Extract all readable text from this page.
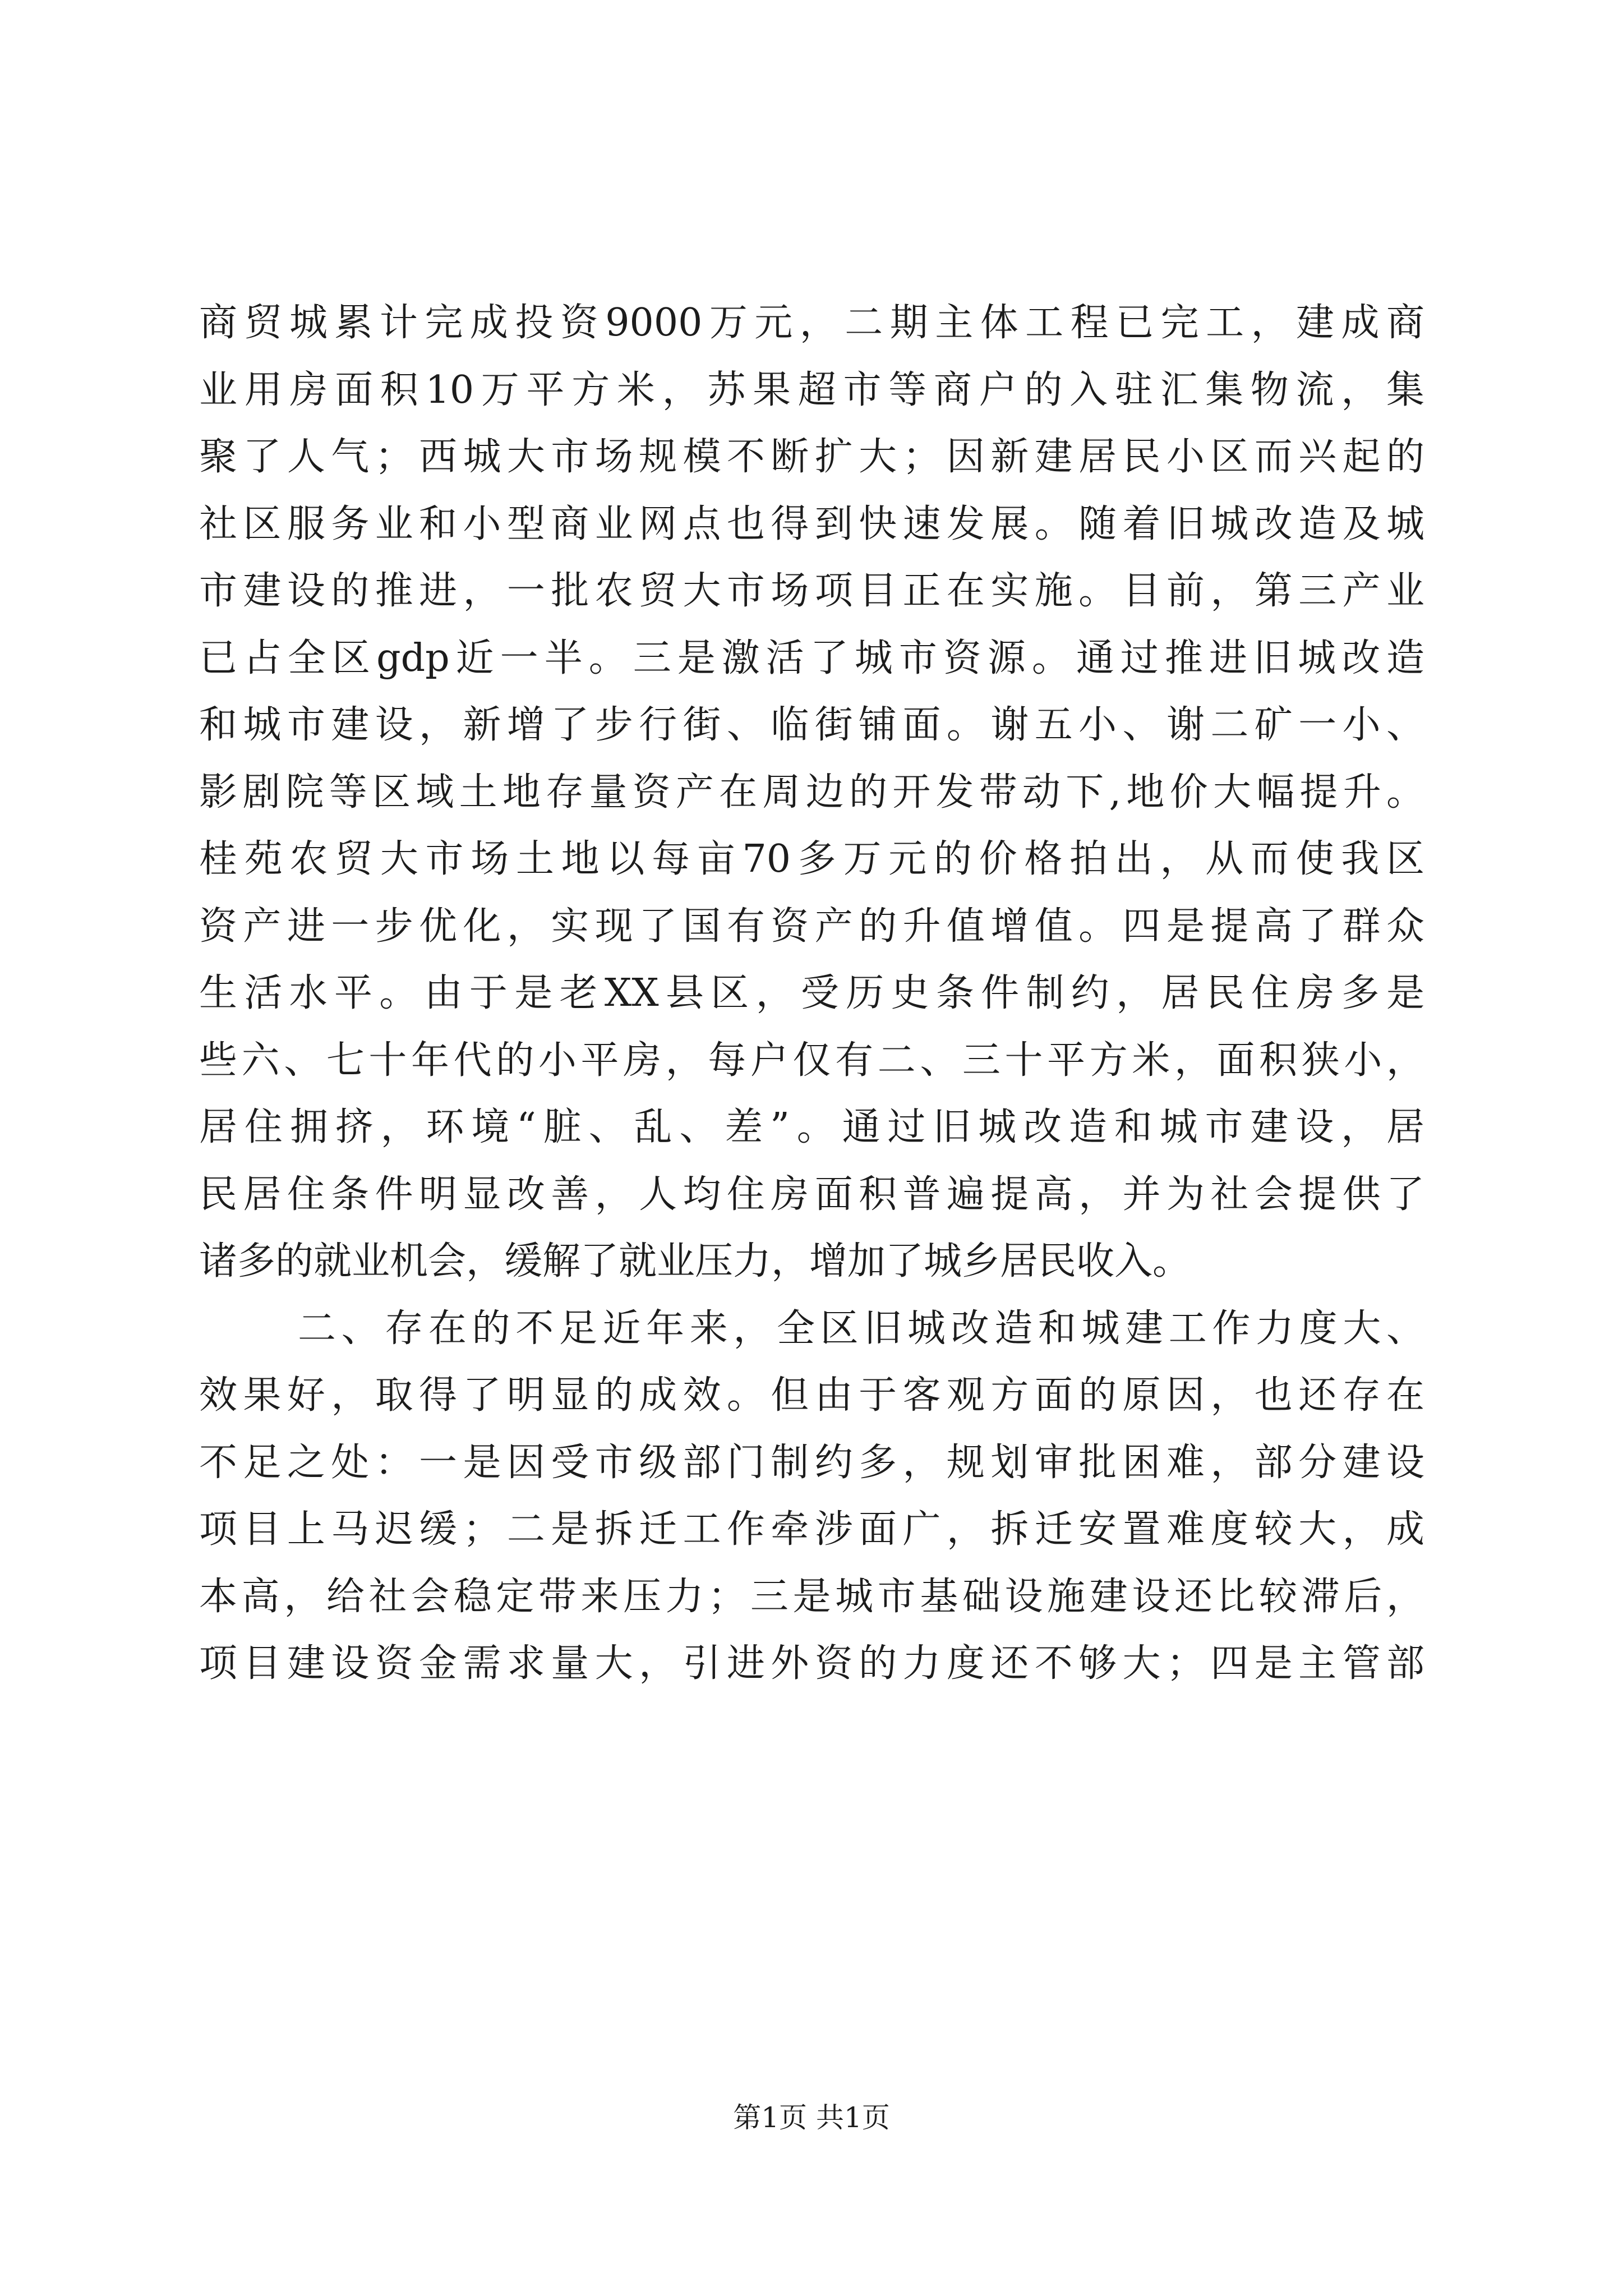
商贸城累计完成投资9000万元，二期主体工程已完工，建成商
业用房面积10万平方米，苏果超市等商户的入驻汇集物流，集
聚了人气；西城大市场规模不断扩大；因新建居民小区而兴起的
社区服务业和小型商业网点也得到快速发展。随着旧城改造及城
市建设的推进，一批农贸大市场项目正在实施。目前，第三产业
已占全区gdp近一半。三是激活了城市资源。通过推进旧城改造
和城市建设，新增了步行街、临街铺面。谢五小、谢二矿一小、
影剧院等区域土地存量资产在周边的开发带动下,地价大幅提升。
桂苑农贸大市场土地以每亩70多万元的价格拍出，从而使我区
资产进一步优化，实现了国有资产的升值增值。四是提高了群众
生活水平。由于是老XX县区，受历史条件制约，居民住房多是
些六、七十年代的小平房，每户仅有二、三十平方米，面积狭小，
居住拥挤，环境“脏、乱、差”。通过旧城改造和城市建设，居
民居住条件明显改善，人均住房面积普遍提高，并为社会提供了
诸多的就业机会，缓解了就业压力，增加了城乡居民收入。
二、存在的不足近年来，全区旧城改造和城建工作力度大、
效果好，取得了明显的成效。但由于客观方面的原因，也还存在
不足之处：一是因受市级部门制约多，规划审批困难，部分建设
项目上马迟缓；二是拆迁工作牵涉面广，拆迁安置难度较大，成
本高，给社会稳定带来压力；三是城市基础设施建设还比较滞后，
项目建设资金需求量大，引进外资的力度还不够大；四是主管部
第1页 共1页
